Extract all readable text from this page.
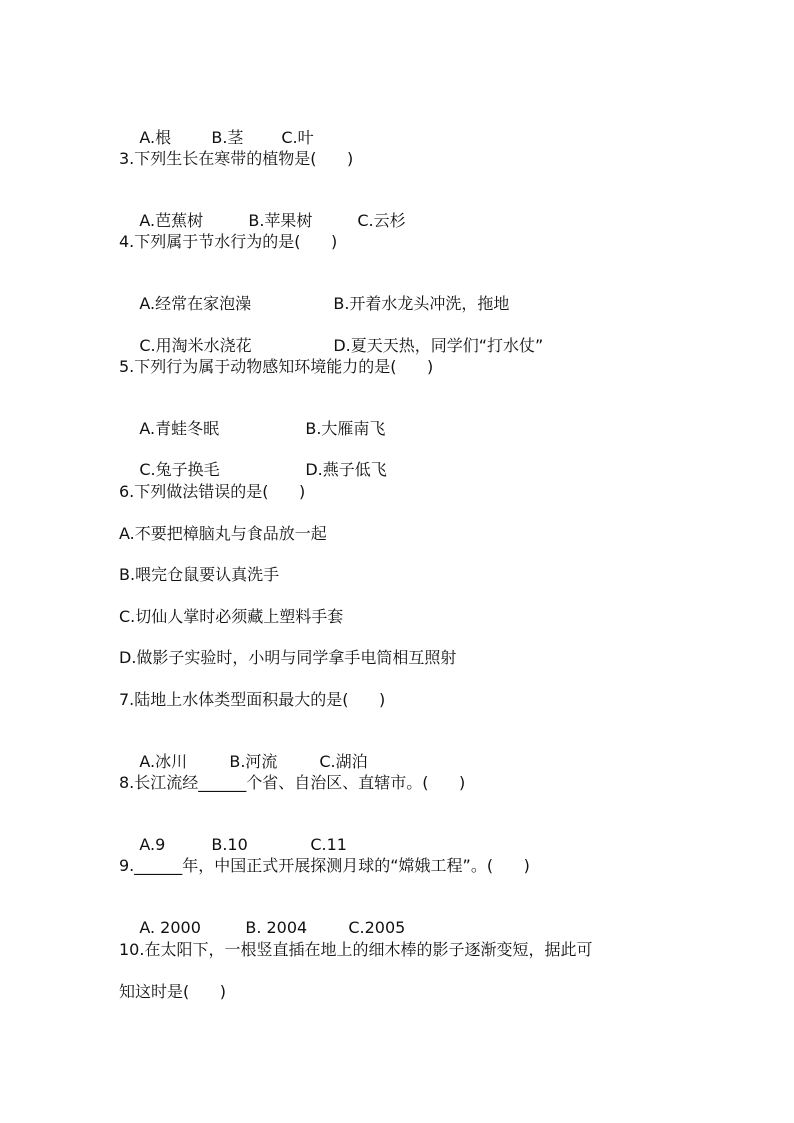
A.根	B.茎 C.叶

3.下列生长在寒带的植物是(      )

A.芭蕉树	B.苹果树	C.云杉

4.下列属于节水行为的是(      )

A.经常在家泡澡	B.开着水龙头冲洗，拖地

C.用淘米水浇花	D.夏天天热，同学们“打水仗”

5.下列行为属于动物感知环境能力的是(      )

A.青蛙冬眠	B.大雁南飞

C.兔子换毛	D.燕子低飞

6.下列做法错误的是(      )
A.不要把樟脑丸与食品放一起
B.喂完仓鼠要认真洗手
C.切仙人掌时必须藏上塑料手套
D.做影子实验时，小明与同学拿手电筒相互照射
7.陆地上水体类型面积最大的是(      )

A.冰川	B.河流	C.湖泊

8.长江流经______个省、自治区、直辖市。(      )

A.9	B.10	C.11

9.______年，中国正式开展探测月球的“嫦娥工程”。(      )

A. 2000	B. 2004	C.2005

10.在太阳下，一根竖直插在地上的细木棒的影子逐渐变短，据此可
知这时是(      )
